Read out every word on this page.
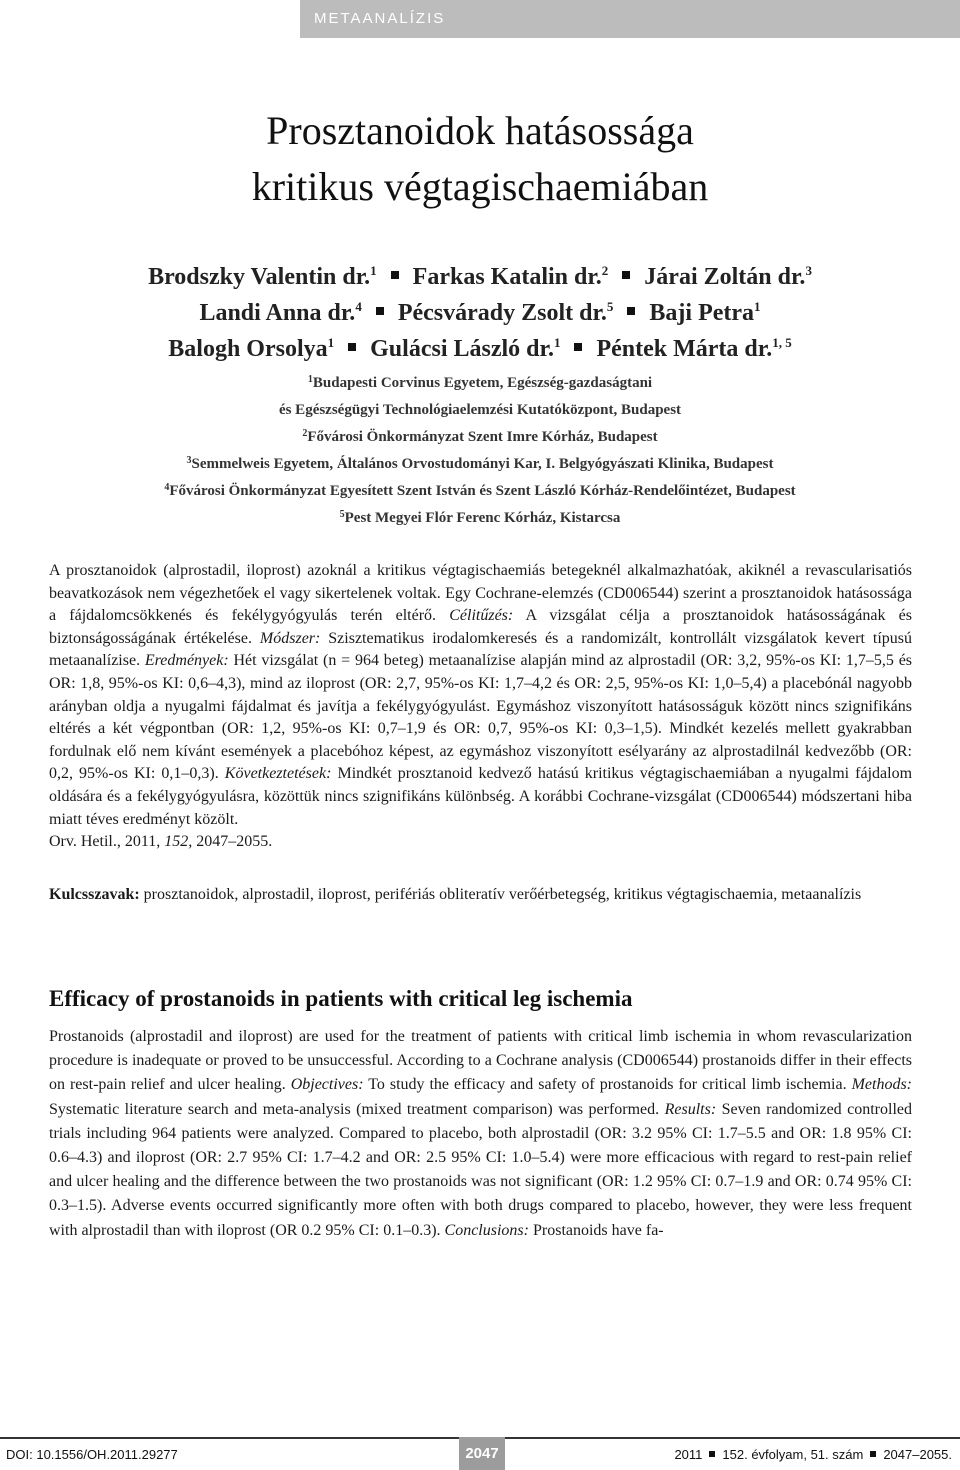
METAANALÍZIS
Prosztanoidok hatásossága
kritikus végtagischaemiában
Brodszky Valentin dr.$^1$ Farkas Katalin dr.$^2$ Járai Zoltán dr.$^3$
Landi Anna dr.$^4$ Pécsvárady Zsolt dr.$^5$ Baji Petra$^1$
Balogh Orsolya$^1$ Gulácsi László dr.$^1$ Péntek Márta dr.$^{1, 5}$
$^1$Budapesti Corvinus Egyetem, Egészség-gazdaságtani
és Egészségügyi Technológiaelemzési Kutatóközpont, Budapest
$^2$Fővárosi Önkormányzat Szent Imre Kórház, Budapest
$^3$Semmelweis Egyetem, Általános Orvostudományi Kar, I. Belgyógyászati Klinika, Budapest
$^4$Fővárosi Önkormányzat Egyesített Szent István és Szent László Kórház-Rendelőintézet, Budapest
$^5$Pest Megyei Flór Ferenc Kórház, Kistarcsa
A prosztanoidok (alprostadil, iloprost) azoknál a kritikus végtagischaemiás betegeknél alkalmazhatóak, akiknél a revascularisatiós beavatkozások nem végezhetőek el vagy sikertelenek voltak. Egy Cochrane-elemzés (CD006544) szerint a prosztanoidok hatásossága a fájdalomcsökkenés és fekélygyógyulás terén eltérő. Célitűzés: A vizsgálat célja a prosztanoidok hatásosságának és biztonságosságának értékelése. Módszer: Szisztematikus irodalomkeresés és a randomizált, kontrollált vizsgálatok kevert típusú metaanalízise. Eredmények: Hét vizsgálat (n = 964 beteg) metaanalízise alapján mind az alprostadil (OR: 3,2, 95%-os KI: 1,7–5,5 és OR: 1,8, 95%-os KI: 0,6–4,3), mind az iloprost (OR: 2,7, 95%-os KI: 1,7–4,2 és OR: 2,5, 95%-os KI: 1,0–5,4) a placebónál nagyobb arányban oldja a nyugalmi fájdalmat és javítja a fekélygyógyulást. Egymáshoz viszonyított hatásosságuk között nincs szignifikáns eltérés a két végpontban (OR: 1,2, 95%-os KI: 0,7–1,9 és OR: 0,7, 95%-os KI: 0,3–1,5). Mindkét kezelés mellett gyakrabban fordulnak elő nem kívánt események a placebóhoz képest, az egymáshoz viszonyított esélyarány az alprostadilnál kedvezőbb (OR: 0,2, 95%-os KI: 0,1–0,3). Következtetések: Mindkét prosztanoid kedvező hatású kritikus végtagischaemiában a nyugalmi fájdalom oldására és a fekélygyógyulásra, közöttük nincs szignifikáns különbség. A korábbi Cochrane-vizsgálat (CD006544) módszertani hiba miatt téves eredményt közölt.
Orv. Hetil., 2011, 152, 2047–2055.
Kulcsszavak: prosztanoidok, alprostadil, iloprost, perifériás obliteratív verőérbetegség, kritikus végtagischaemia, metaanalízis
Efficacy of prostanoids in patients with critical leg ischemia
Prostanoids (alprostadil and iloprost) are used for the treatment of patients with critical limb ischemia in whom revascularization procedure is inadequate or proved to be unsuccessful. According to a Cochrane analysis (CD006544) prostanoids differ in their effects on rest-pain relief and ulcer healing. Objectives: To study the efficacy and safety of prostanoids for critical limb ischemia. Methods: Systematic literature search and meta-analysis (mixed treatment comparison) was performed. Results: Seven randomized controlled trials including 964 patients were analyzed. Compared to placebo, both alprostadil (OR: 3.2 95% CI: 1.7–5.5 and OR: 1.8 95% CI: 0.6–4.3) and iloprost (OR: 2.7 95% CI: 1.7–4.2 and OR: 2.5 95% CI: 1.0–5.4) were more efficacious with regard to rest-pain relief and ulcer healing and the difference between the two prostanoids was not significant (OR: 1.2 95% CI: 0.7–1.9 and OR: 0.74 95% CI: 0.3–1.5). Adverse events occurred significantly more often with both drugs compared to placebo, however, they were less frequent with alprostadil than with iloprost (OR 0.2 95% CI: 0.1–0.3). Conclusions: Prostanoids have fa-
DOI: 10.1556/OH.2011.29277	2047	2011 152. évfolyam, 51. szám 2047–2055.
